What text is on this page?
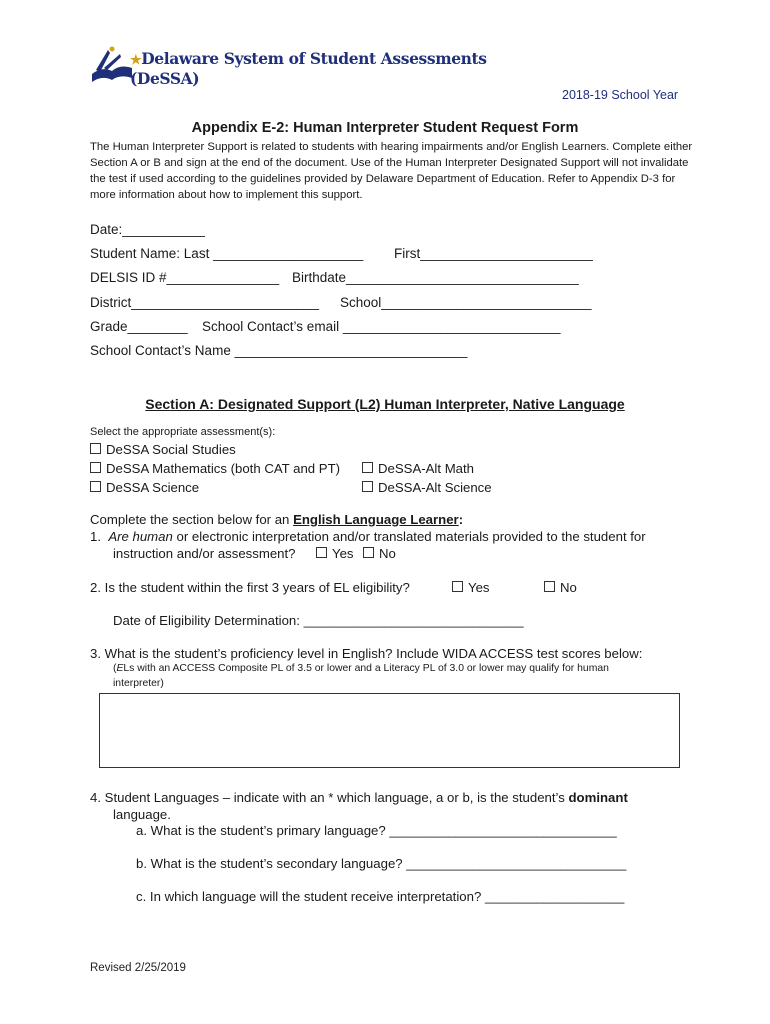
★Delaware System of Student Assessments
(DeSSA)
2018-19 School Year
Appendix E-2: Human Interpreter Student Request Form
The Human Interpreter Support is related to students with hearing impairments and/or English Learners. Complete either Section A or B and sign at the end of the document. Use of the Human Interpreter Designated Support will not invalidate the test if used according to the guidelines provided by Delaware Department of Education. Refer to Appendix D-3 for more information about how to implement this support.
Date:___________
Student Name: Last ____________________ First_______________________
DELSIS ID #_______________ Birthdate_______________________________
District_________________________ School____________________________
Grade________ School Contact’s email _____________________________
School Contact’s Name _______________________________
Section A: Designated Support (L2) Human Interpreter, Native Language
Select the appropriate assessment(s):
DeSSA Social Studies
DeSSA Mathematics (both CAT and PT)	DeSSA-Alt Math
DeSSA Science	DeSSA-Alt Science
Complete the section below for an English Language Learner:
1. Are human or electronic interpretation and/or translated materials provided to the student for
instruction and/or assessment?	Yes	No
2. Is the student within the first 3 years of EL eligibility?	Yes	No
Date of Eligibility Determination: ______________________________
3. What is the student’s proficiency level in English? Include WIDA ACCESS test scores below:
(ELs with an ACCESS Composite PL of 3.5 or lower and a Literacy PL of 3.0 or lower may qualify for human
interpreter)
4. Student Languages – indicate with an * which language, a or b, is the student’s dominant
language.
a. What is the student’s primary language? _______________________________
b. What is the student’s secondary language? ______________________________
c. In which language will the student receive interpretation? ___________________
Revised 2/25/2019
